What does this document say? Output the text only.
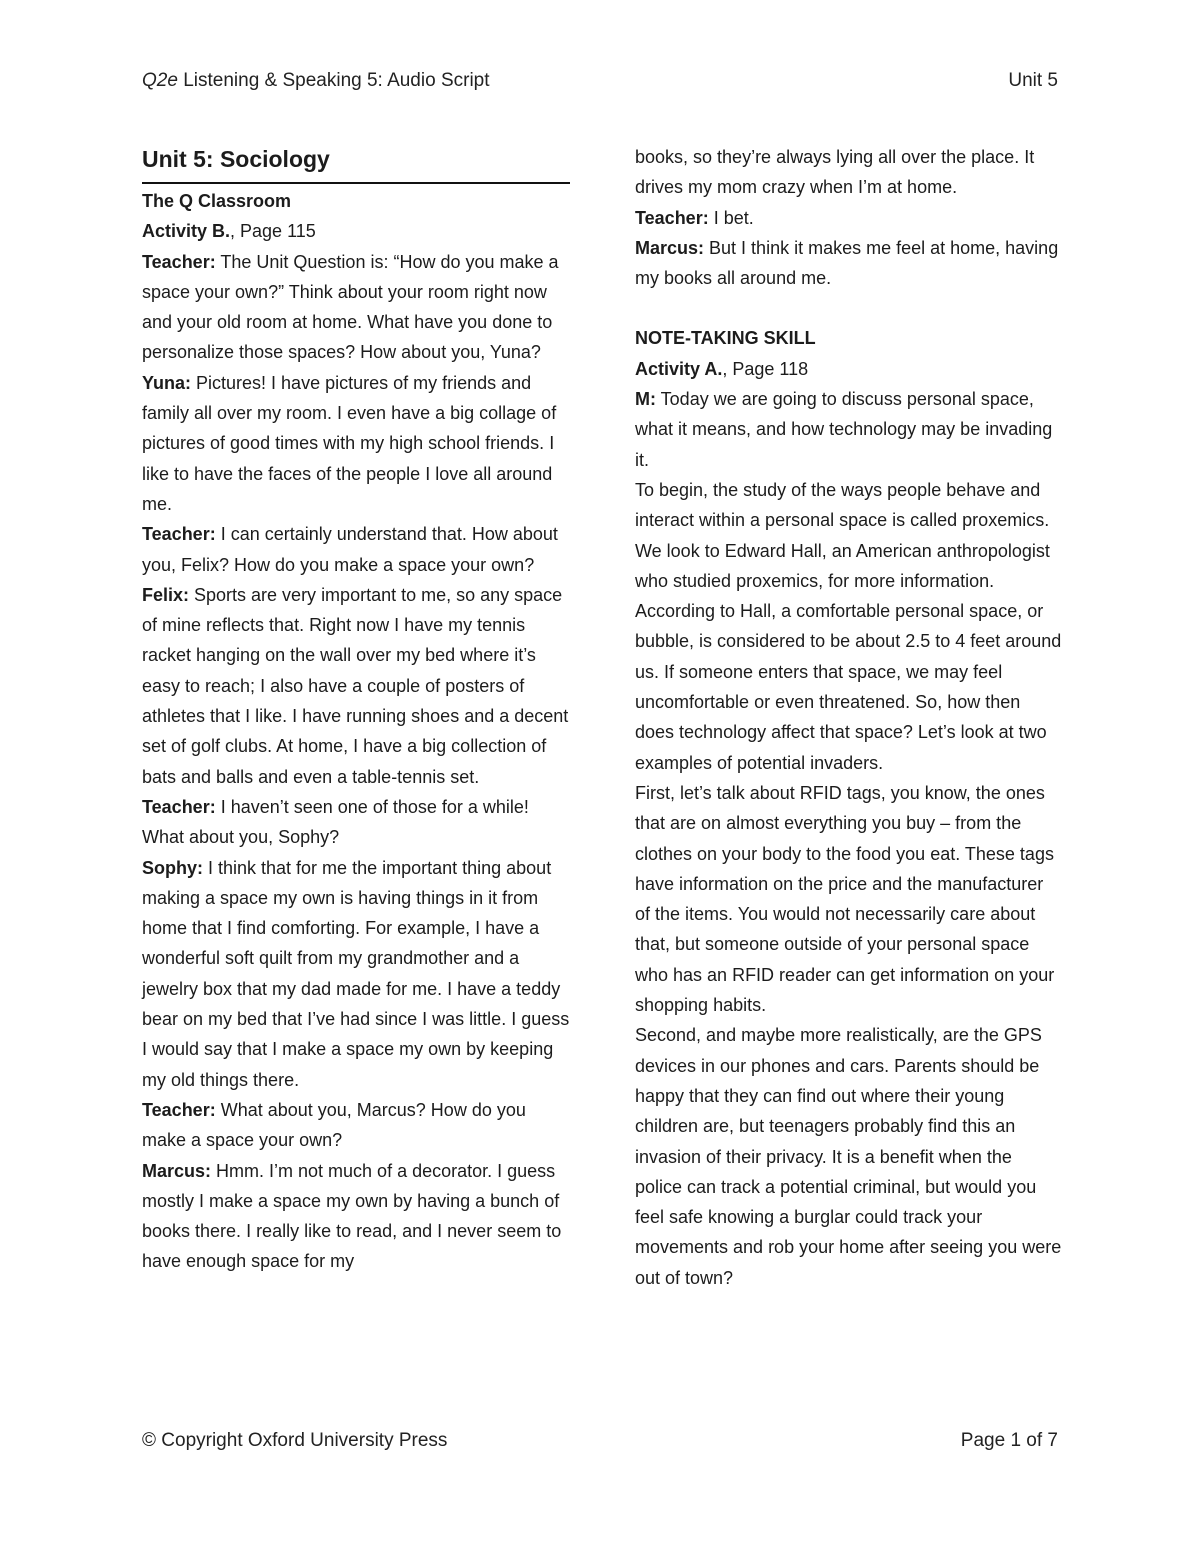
Q2e Listening & Speaking 5: Audio Script	Unit 5
Unit 5: Sociology

The Q Classroom

Activity B., Page 115

Teacher: The Unit Question is: “How do you make a space your own?” Think about your room right now and your old room at home. What have you done to personalize those spaces? How about you, Yuna?

Yuna: Pictures! I have pictures of my friends and family all over my room. I even have a big collage of pictures of good times with my high school friends. I like to have the faces of the people I love all around me.

Teacher: I can certainly understand that. How about you, Felix? How do you make a space your own?

Felix: Sports are very important to me, so any space of mine reflects that. Right now I have my tennis racket hanging on the wall over my bed where it’s easy to reach; I also have a couple of posters of athletes that I like. I have running shoes and a decent set of golf clubs. At home, I have a big collection of bats and balls and even a table-tennis set.

Teacher: I haven’t seen one of those for a while! What about you, Sophy?

Sophy: I think that for me the important thing about making a space my own is having things in it from home that I find comforting. For example, I have a wonderful soft quilt from my grandmother and a jewelry box that my dad made for me. I have a teddy bear on my bed that I’ve had since I was little. I guess I would say that I make a space my own by keeping my old things there.

Teacher: What about you, Marcus? How do you make a space your own?

Marcus: Hmm. I’m not much of a decorator. I guess mostly I make a space my own by having a bunch of books there. I really like to read, and I never seem to have enough space for my

books, so they’re always lying all over the place. It drives my mom crazy when I’m at home.

Teacher: I bet.

Marcus: But I think it makes me feel at home, having my books all around me.

NOTE-TAKING SKILL

Activity A., Page 118

M: Today we are going to discuss personal space, what it means, and how technology may be invading it.

To begin, the study of the ways people behave and interact within a personal space is called proxemics. We look to Edward Hall, an American anthropologist who studied proxemics, for more information. According to Hall, a comfortable personal space, or bubble, is considered to be about 2.5 to 4 feet around us. If someone enters that space, we may feel uncomfortable or even threatened. So, how then does technology affect that space? Let’s look at two examples of potential invaders.

First, let’s talk about RFID tags, you know, the ones that are on almost everything you buy – from the clothes on your body to the food you eat. These tags have information on the price and the manufacturer of the items. You would not necessarily care about that, but someone outside of your personal space who has an RFID reader can get information on your shopping habits.

Second, and maybe more realistically, are the GPS devices in our phones and cars. Parents should be happy that they can find out where their young children are, but teenagers probably find this an invasion of their privacy. It is a benefit when the police can track a potential criminal, but would you feel safe knowing a burglar could track your movements and rob your home after seeing you were out of town?

© Copyright Oxford University Press	Page 1 of 7
